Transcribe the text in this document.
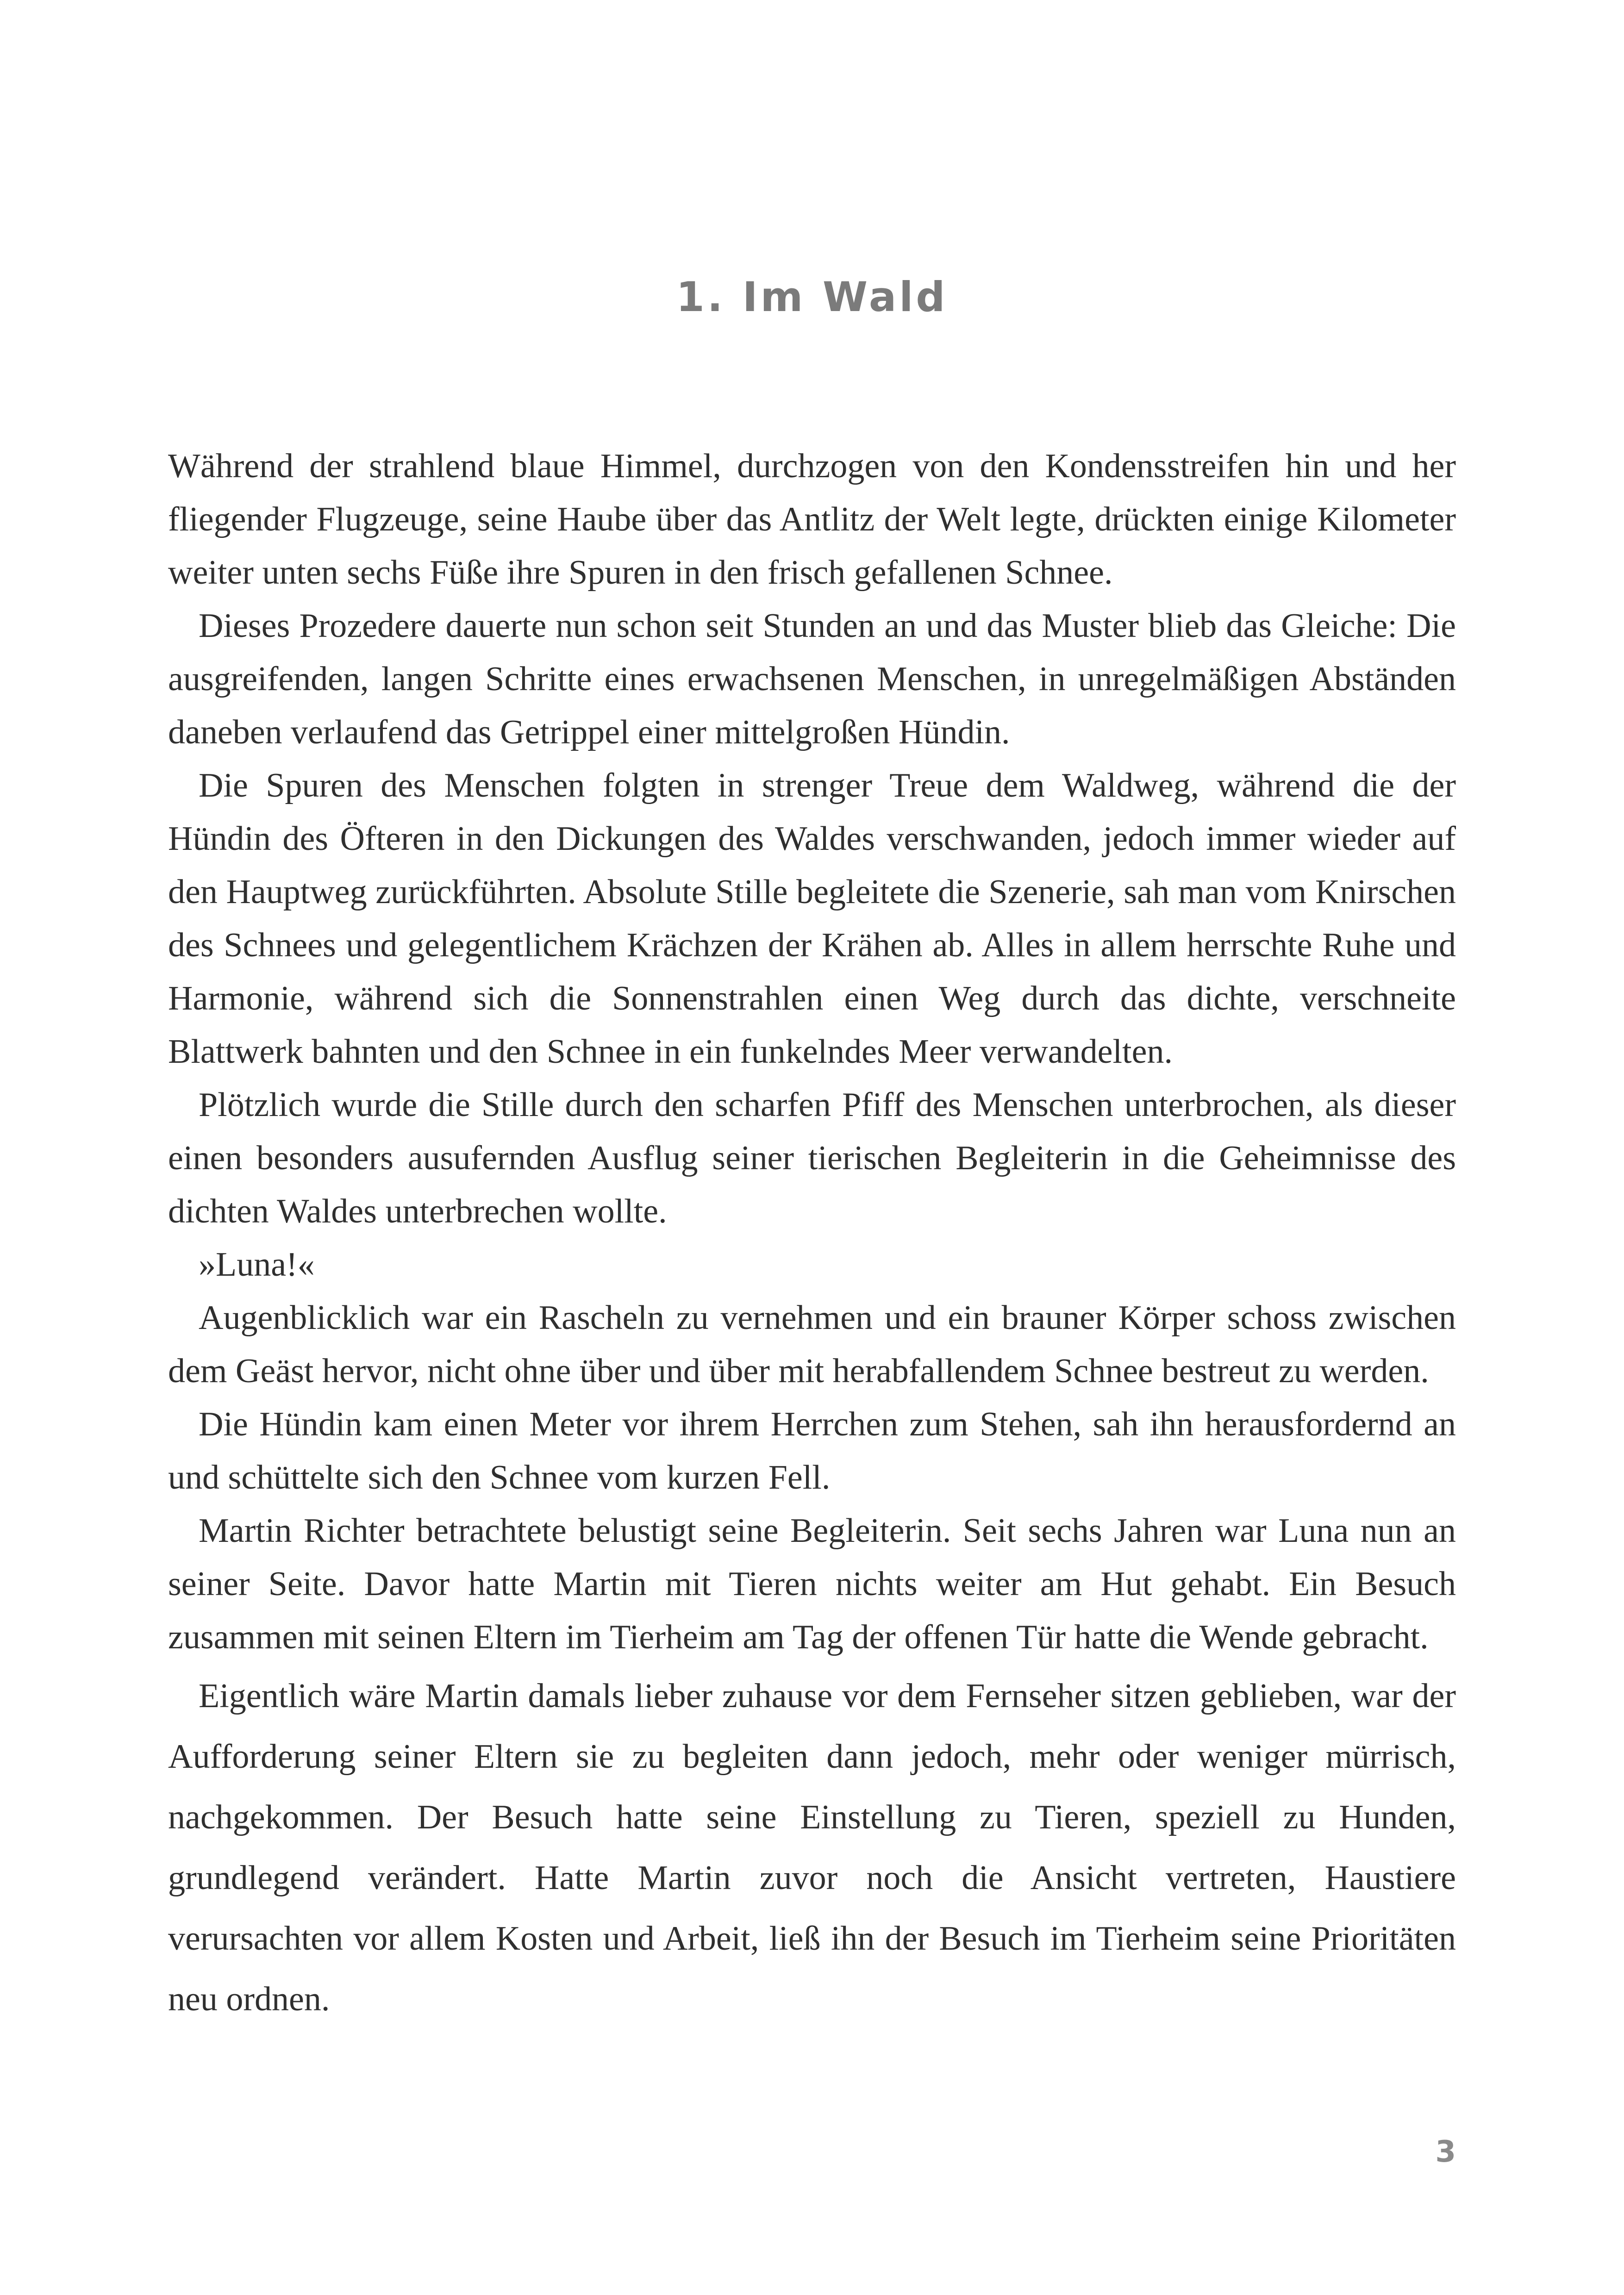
1. Im Wald

Während der strahlend blaue Himmel, durchzogen von den Kondensstreifen hin und her fliegender Flugzeuge, seine Haube über das Antlitz der Welt legte, drückten einige Kilometer weiter unten sechs Füße ihre Spuren in den frisch gefallenen Schnee.

Dieses Prozedere dauerte nun schon seit Stunden an und das Muster blieb das Gleiche: Die ausgreifenden, langen Schritte eines erwachsenen Menschen, in unregelmäßigen Abständen daneben verlaufend das Getrippel einer mittelgroßen Hündin.

Die Spuren des Menschen folgten in strenger Treue dem Waldweg, während die der Hündin des Öfteren in den Dickungen des Waldes verschwanden, jedoch immer wieder auf den Hauptweg zurückführten. Absolute Stille begleitete die Szenerie, sah man vom Knirschen des Schnees und gelegentlichem Krächzen der Krähen ab. Alles in allem herrschte Ruhe und Harmonie, während sich die Sonnenstrahlen einen Weg durch das dichte, verschneite Blattwerk bahnten und den Schnee in ein funkelndes Meer verwandelten.

Plötzlich wurde die Stille durch den scharfen Pfiff des Menschen unterbrochen, als dieser einen besonders ausufernden Ausflug seiner tierischen Begleiterin in die Geheimnisse des dichten Waldes unterbrechen wollte.

»Luna!«

Augenblicklich war ein Rascheln zu vernehmen und ein brauner Körper schoss zwischen dem Geäst hervor, nicht ohne über und über mit herabfallendem Schnee bestreut zu werden.

Die Hündin kam einen Meter vor ihrem Herrchen zum Stehen, sah ihn herausfordernd an und schüttelte sich den Schnee vom kurzen Fell.

Martin Richter betrachtete belustigt seine Begleiterin. Seit sechs Jahren war Luna nun an seiner Seite. Davor hatte Martin mit Tieren nichts weiter am Hut gehabt. Ein Besuch zusammen mit seinen Eltern im Tierheim am Tag der offenen Tür hatte die Wende gebracht.

Eigentlich wäre Martin damals lieber zuhause vor dem Fernseher sitzen geblieben, war der Aufforderung seiner Eltern sie zu begleiten dann jedoch, mehr oder weniger mürrisch, nachgekommen. Der Besuch hatte seine Einstellung zu Tieren, speziell zu Hunden, grundlegend verändert. Hatte Martin zuvor noch die Ansicht vertreten, Haustiere verursachten vor allem Kosten und Arbeit, ließ ihn der Besuch im Tierheim seine Prioritäten neu ordnen.

3
